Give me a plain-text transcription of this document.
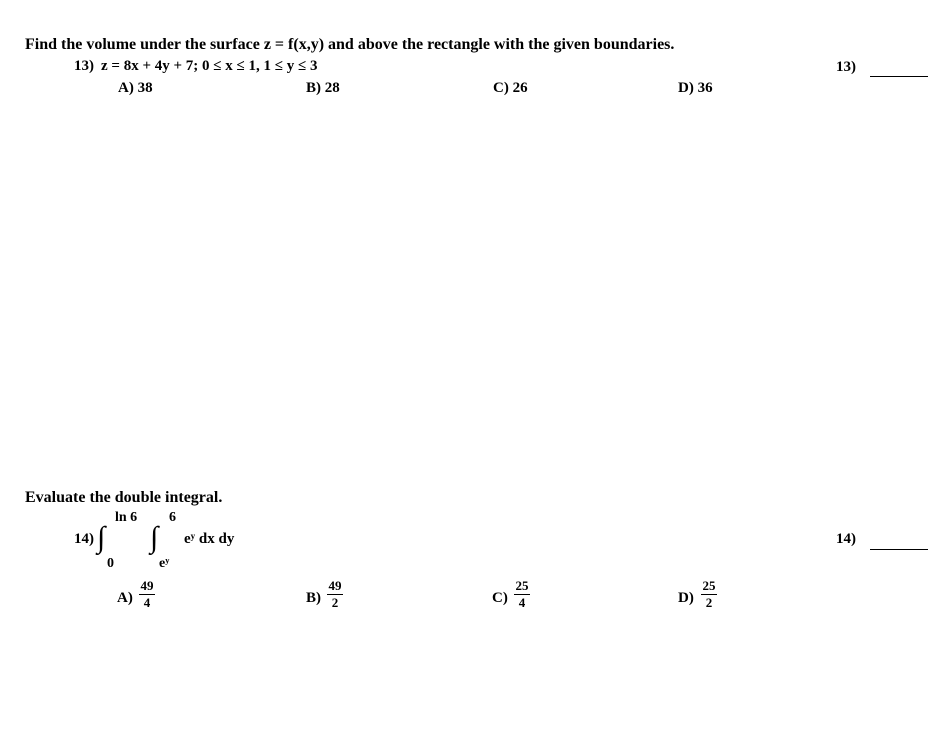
Find the volume under the surface z = f(x,y) and above the rectangle with the given boundaries.
13) z = 8x + 4y + 7; 0 ≤ x ≤ 1, 1 ≤ y ≤ 3	13)
A) 38	B) 28	C) 26	D) 36
Evaluate the double integral.
14) ∫
ln 6
0
∫
6
eʸ
eʸ dx dy	14)
A)
49
4	B)
49
2	C)
25
4	D)
25
2
